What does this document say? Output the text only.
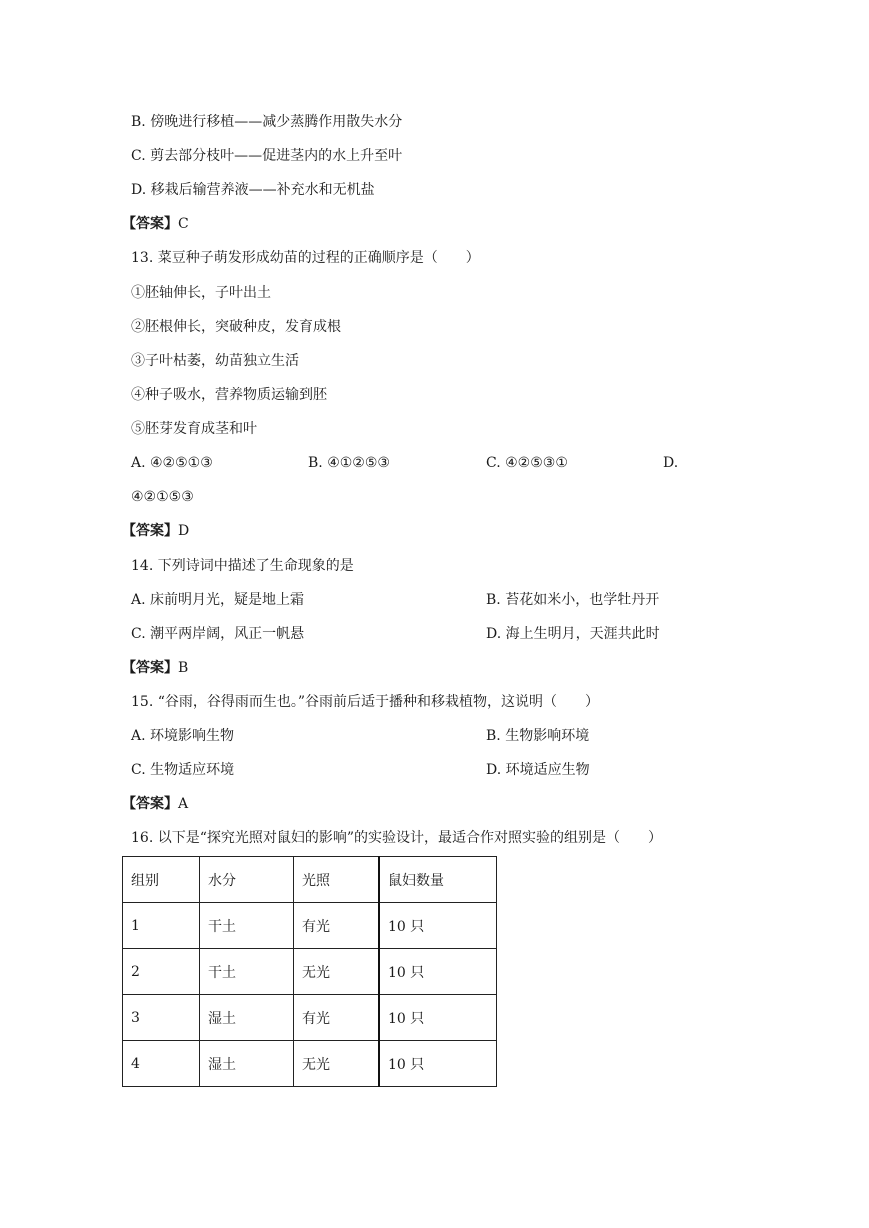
B. 傍晚进行移植——减少蒸腾作用散失水分
C. 剪去部分枝叶——促进茎内的水上升至叶
D. 移栽后输营养液——补充水和无机盐
【答案】C
13. 菜豆种子萌发形成幼苗的过程的正确顺序是（　　）
①胚轴伸长，子叶出土
②胚根伸长，突破种皮，发育成根
③子叶枯萎，幼苗独立生活
④种子吸水，营养物质运输到胚
⑤胚芽发育成茎和叶
A. ④②⑤①③	B. ④①②⑤③	C. ④②⑤③①	D.
④②①⑤③
【答案】D
14. 下列诗词中描述了生命现象的是
A. 床前明月光，疑是地上霜	B. 苔花如米小，也学牡丹开
C. 潮平两岸阔，风正一帆悬	D. 海上生明月，天涯共此时
【答案】B
15. “谷雨，谷得雨而生也。”谷雨前后适于播种和移栽植物，这说明（　　）
A. 环境影响生物	B. 生物影响环境
C. 生物适应环境	D. 环境适应生物
【答案】A
16. 以下是“探究光照对鼠妇的影响”的实验设计，最适合作对照实验的组别是（　　）
组别	水分	光照	鼠妇数量
1	干土	有光	10 只
2	干土	无光	10 只
3	湿土	有光	10 只
4	湿土	无光	10 只
